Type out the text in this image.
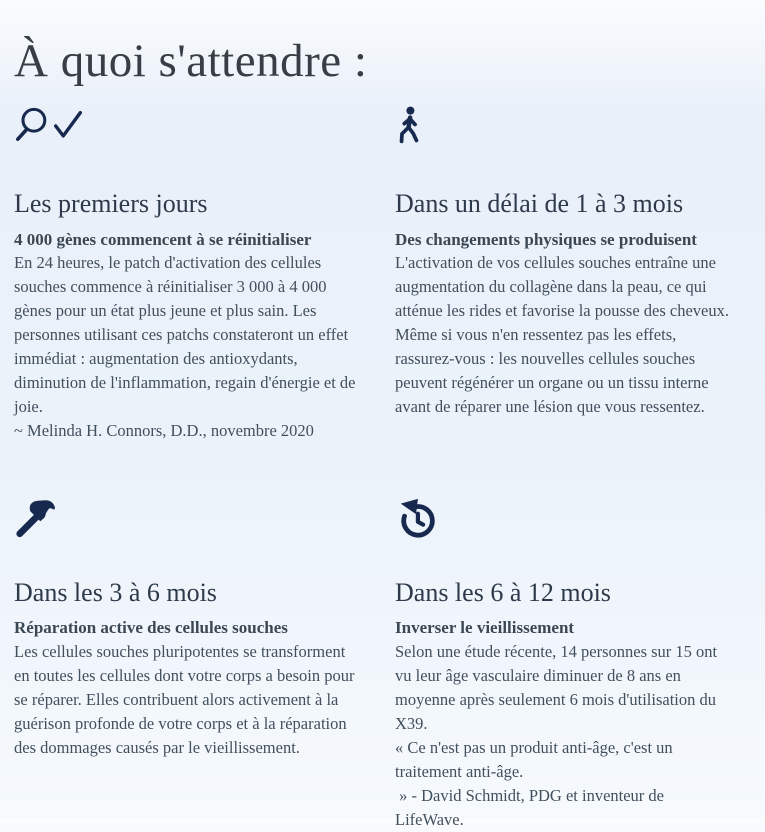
À quoi s'attendre :
Les premiers jours
4 000 gènes commencent à se réinitialiser

En 24 heures, le patch d'activation des cellules souches commence à réinitialiser 3 000 à 4 000 gènes pour un état plus jeune et plus sain. Les personnes utilisant ces patchs constateront un effet immédiat : augmentation des antioxydants, diminution de l'inflammation, regain d'énergie et de joie.

~ Melinda H. Connors, D.D., novembre 2020

Dans un délai de 1 à 3 mois
Des changements physiques se produisent

L'activation de vos cellules souches entraîne une augmentation du collagène dans la peau, ce qui atténue les rides et favorise la pousse des cheveux. Même si vous n'en ressentez pas les effets, rassurez-vous : les nouvelles cellules souches peuvent régénérer un organe ou un tissu interne avant de réparer une lésion que vous ressentez.

Dans les 3 à 6 mois
Réparation active des cellules souches

Les cellules souches pluripotentes se transforment en toutes les cellules dont votre corps a besoin pour se réparer. Elles contribuent alors activement à la guérison profonde de votre corps et à la réparation des dommages causés par le vieillissement.

Dans les 6 à 12 mois
Inverser le vieillissement

Selon une étude récente, 14 personnes sur 15 ont vu leur âge vasculaire diminuer de 8 ans en moyenne après seulement 6 mois d'utilisation du X39.

« Ce n'est pas un produit anti-âge, c'est un traitement anti-âge.

» - David Schmidt, PDG et inventeur de LifeWave.
